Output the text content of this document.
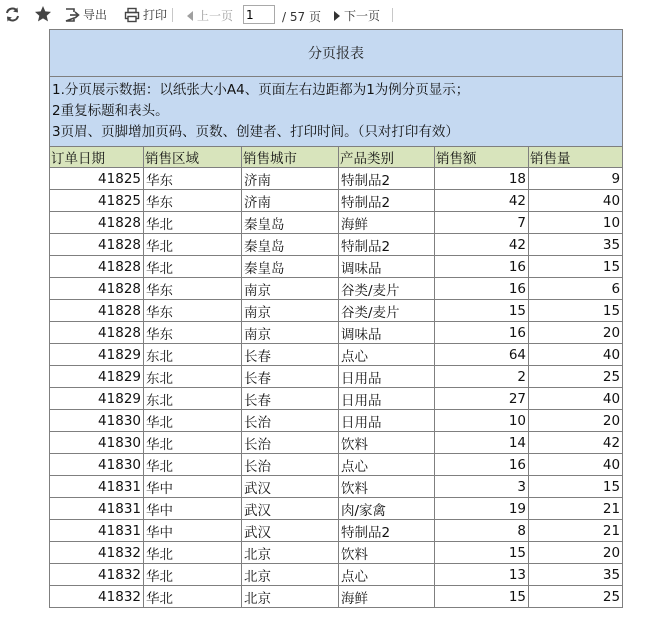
导出	打印 上一页
1	/ 57 页 下一页
分页报表					

1.分页展示数据：以纸张大小A4、页面左右边距都为1为例分页显示；
2重复标题和表头。
3页眉、页脚增加页码、页数、创建者、打印时间。（只对打印有效）					

订单日期	销售区域	销售城市	产品类别	销售额	销售量
41825	华东	济南	特制品2	18	9
41825	华东	济南	特制品2	42	40
41828	华北	秦皇岛	海鲜	7	10
41828	华北	秦皇岛	特制品2	42	35
41828	华北	秦皇岛	调味品	16	15
41828	华东	南京	谷类/麦片	16	6
41828	华东	南京	谷类/麦片	15	15
41828	华东	南京	调味品	16	20
41829	东北	长春	点心	64	40
41829	东北	长春	日用品	2	25
41829	东北	长春	日用品	27	40
41830	华北	长治	日用品	10	20
41830	华北	长治	饮料	14	42
41830	华北	长治	点心	16	40
41831	华中	武汉	饮料	3	15
41831	华中	武汉	肉/家禽	19	21
41831	华中	武汉	特制品2	8	21
41832	华北	北京	饮料	15	20
41832	华北	北京	点心	13	35
41832	华北	北京	海鲜	15	25
